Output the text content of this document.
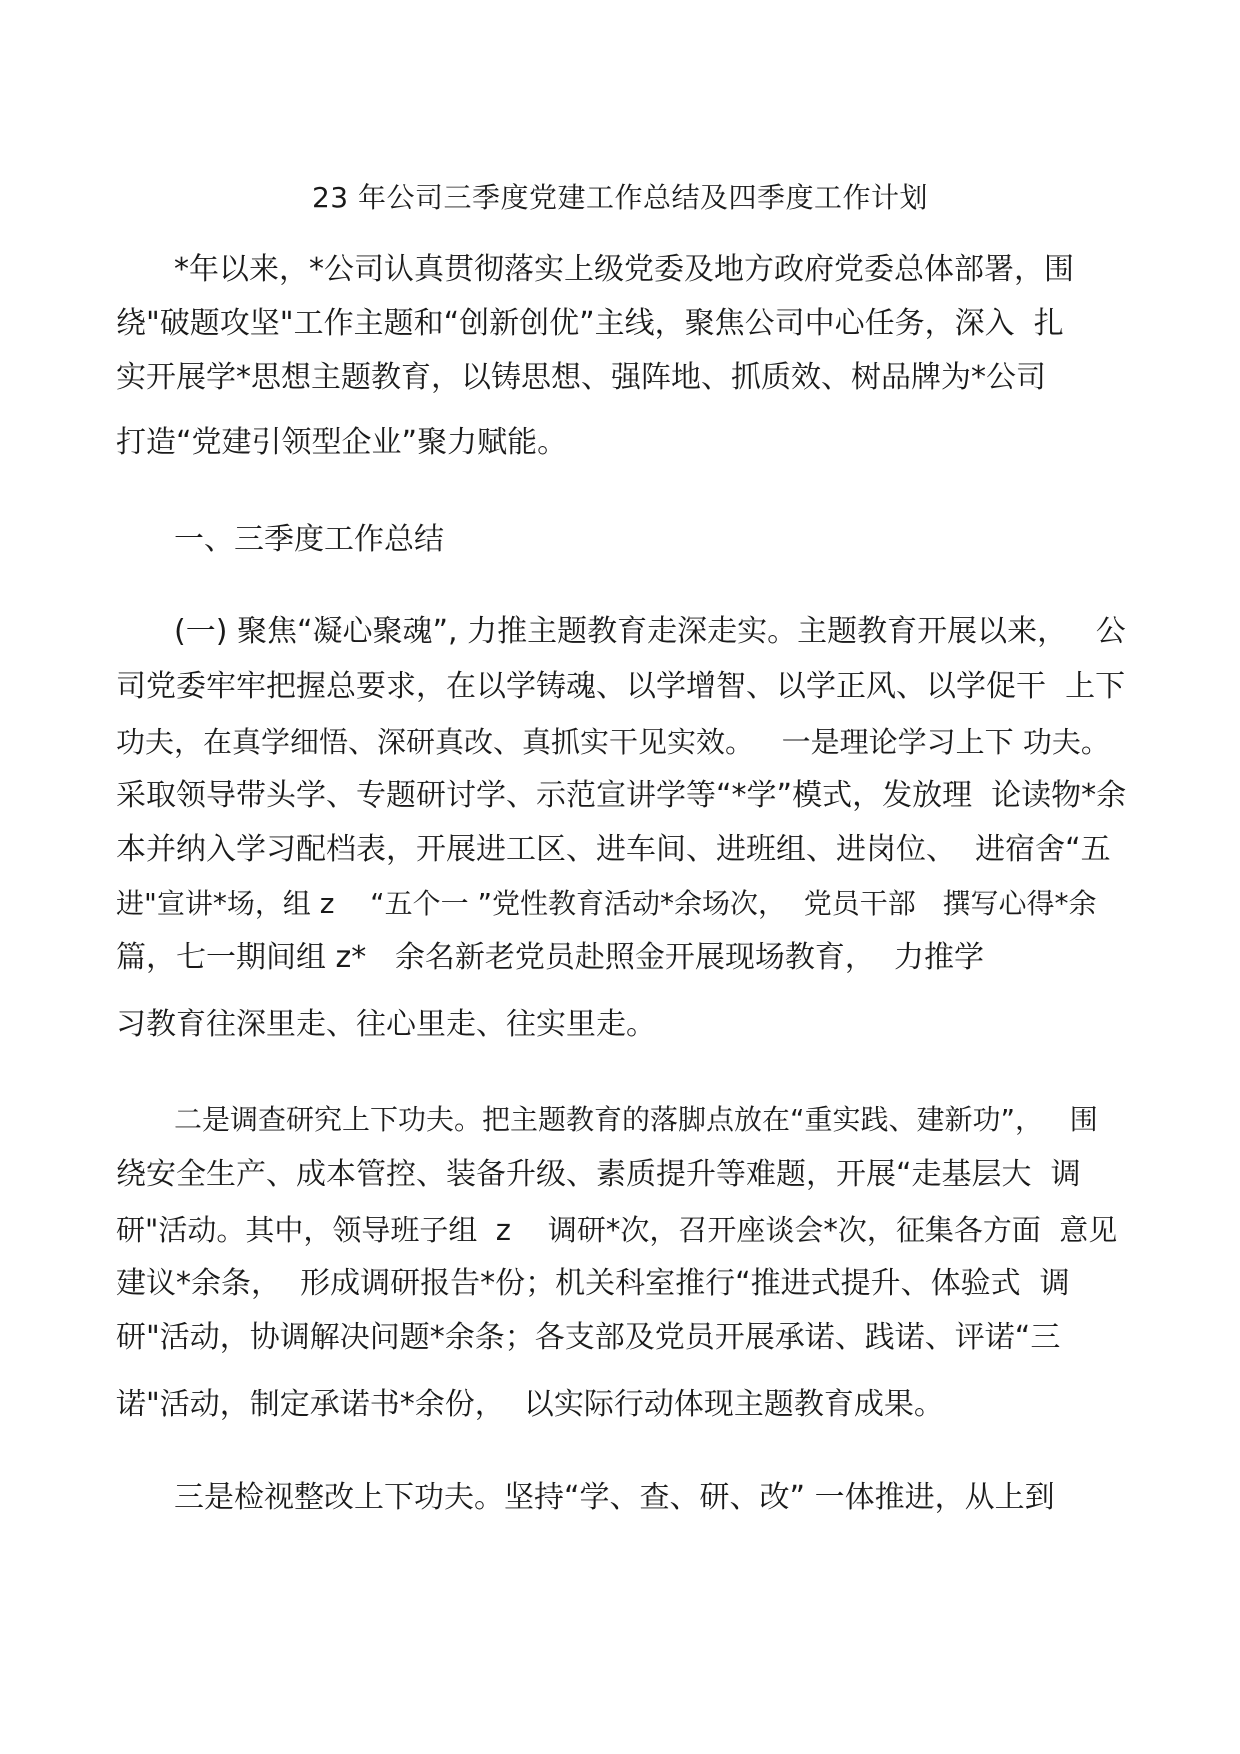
23 年公司三季度党建工作总结及四季度工作计划
*年以来，*公司认真贯彻落实上级党委及地方政府党委总体部署，围
绕"破题攻坚"工作主题和“创新创优”主线，聚焦公司中心任务，深入  扎
实开展学*思想主题教育，以铸思想、强阵地、抓质效、树品牌为*公司
打造“党建引领型企业”聚力赋能。
一、三季度工作总结
(一) 聚焦“凝心聚魂”, 力推主题教育走深走实。主题教育开展以来，   公
司党委牢牢把握总要求，在以学铸魂、以学增智、以学正风、以学促干  上下
功夫，在真学细悟、深研真改、真抓实干见实效。   一是理论学习上下 功夫。
采取领导带头学、专题研讨学、示范宣讲学等“*学”模式，发放理  论读物*余
本并纳入学习配档表，开展进工区、进车间、进班组、进岗位、  进宿舍“五
进"宣讲*场，组 z    “五个一 ”党性教育活动*余场次，  党员干部   撰写心得*余
篇，七一期间组 z*   余名新老党员赴照金开展现场教育，  力推学
习教育往深里走、往心里走、往实里走。
二是调查研究上下功夫。把主题教育的落脚点放在“重实践、建新功”，   围
绕安全生产、成本管控、装备升级、素质提升等难题，开展“走基层大  调
研"活动。其中，领导班子组  z    调研*次，召开座谈会*次，征集各方面  意见
建议*余条，  形成调研报告*份；机关科室推行“推进式提升、体验式  调
研"活动，协调解决问题*余条；各支部及党员开展承诺、践诺、评诺“三
诺"活动，制定承诺书*余份，  以实际行动体现主题教育成果。
三是检视整改上下功夫。坚持“学、查、研、改” 一体推进，从上到
